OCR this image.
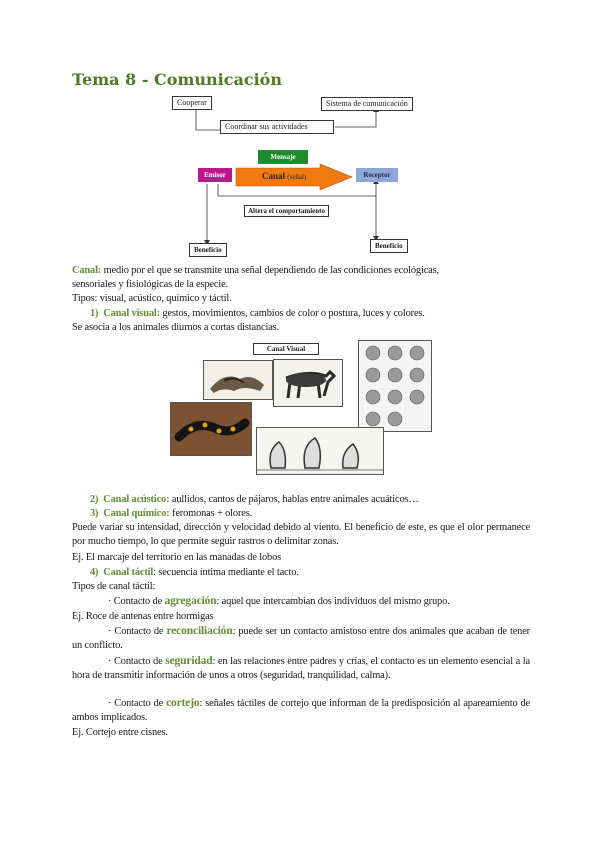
Tema 8 - Comunicación
Cooperar	Sistema de comunicación
Coordinar sus actividades
Mensaje
Emisor	Canal (señal)	Receptor
Altera el comportamiento
Beneficio	Beneficio
Canal: medio por el que se transmite una señal dependiendo de las condiciones ecológicas,
sensoriales y fisiológicas de la especie.
Tipos: visual, acústico, químico y táctil.
1) Canal visual: gestos, movimientos, cambios de color o postura, luces y colores.
Se asocia a los animales diurnos a cortas distancias.
Canal Visual
2) Canal acústico: aullidos, cantos de pájaros, hablas entre animales acuáticos…
3) Canal químico: feromonas + olores.
Puede variar su intensidad, dirección y velocidad debido al viento. El beneficio de este, es que el olor permanece por mucho tiempo, lo que permite seguir rastros o delimitar zonas.
Ej. El marcaje del territorio en las manadas de lobos
4) Canal táctil: secuencia íntima mediante el tacto.
Tipos de canal táctil:
· Contacto de agregación: aquel que intercambian dos individuos del mismo grupo.
Ej. Roce de antenas entre hormigas
· Contacto de reconciliación: puede ser un contacto amistoso entre dos animales que acaban de tener un conflicto.
· Contacto de seguridad: en las relaciones entre padres y crías, el contacto es un elemento esencial a la hora de transmitir información de unos a otros (seguridad, tranquilidad, calma).
· Contacto de cortejo: señales táctiles de cortejo que informan de la predisposición al apareamiento de ambos implicados.
Ej. Cortejo entre cisnes.
